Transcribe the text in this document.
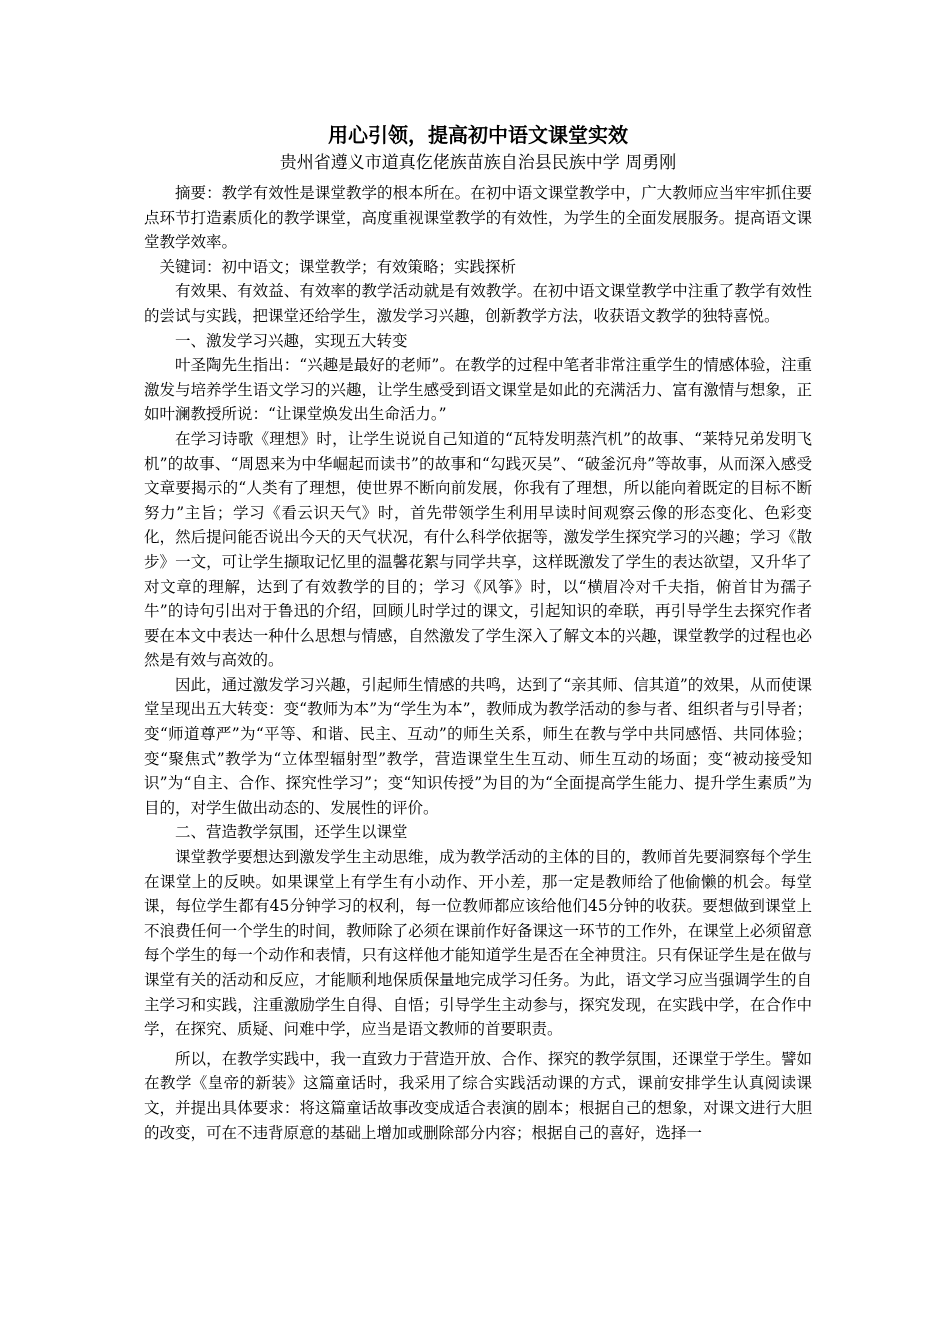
用心引领，提高初中语文课堂实效

贵州省遵义市道真仡佬族苗族自治县民族中学 周勇刚

摘要：教学有效性是课堂教学的根本所在。在初中语文课堂教学中，广大教师应当牢牢抓住要点环节打造素质化的教学课堂，高度重视课堂教学的有效性，为学生的全面发展服务。提高语文课堂教学效率。

关键词：初中语文；课堂教学；有效策略；实践探析

有效果、有效益、有效率的教学活动就是有效教学。在初中语文课堂教学中注重了教学有效性的尝试与实践，把课堂还给学生，激发学习兴趣，创新教学方法，收获语文教学的独特喜悦。

一、激发学习兴趣，实现五大转变

叶圣陶先生指出：“兴趣是最好的老师”。在教学的过程中笔者非常注重学生的情感体验，注重激发与培养学生语文学习的兴趣，让学生感受到语文课堂是如此的充满活力、富有激情与想象，正如叶澜教授所说：“让课堂焕发出生命活力。”

在学习诗歌《理想》时，让学生说说自己知道的“瓦特发明蒸汽机”的故事、“莱特兄弟发明飞机”的故事、“周恩来为中华崛起而读书”的故事和“勾践灭吴”、“破釜沉舟”等故事，从而深入感受文章要揭示的“人类有了理想，使世界不断向前发展，你我有了理想，所以能向着既定的目标不断努力”主旨；学习《看云识天气》时，首先带领学生利用早读时间观察云像的形态变化、色彩变化，然后提问能否说出今天的天气状况，有什么科学依据等，激发学生探究学习的兴趣；学习《散步》一文，可让学生撷取记忆里的温馨花絮与同学共享，这样既激发了学生的表达欲望，又升华了对文章的理解，达到了有效教学的目的；学习《风筝》时，以“横眉冷对千夫指，俯首甘为孺子牛”的诗句引出对于鲁迅的介绍，回顾儿时学过的课文，引起知识的牵联，再引导学生去探究作者要在本文中表达一种什么思想与情感，自然激发了学生深入了解文本的兴趣，课堂教学的过程也必然是有效与高效的。

因此，通过激发学习兴趣，引起师生情感的共鸣，达到了“亲其师、信其道”的效果，从而使课堂呈现出五大转变：变“教师为本”为“学生为本”，教师成为教学活动的参与者、组织者与引导者；变“师道尊严”为“平等、和谐、民主、互动”的师生关系，师生在教与学中共同感悟、共同体验；变“聚焦式”教学为“立体型辐射型”教学，营造课堂生生互动、师生互动的场面；变“被动接受知识”为“自主、合作、探究性学习”；变“知识传授”为目的为“全面提高学生能力、提升学生素质”为目的，对学生做出动态的、发展性的评价。

二、营造教学氛围，还学生以课堂

课堂教学要想达到激发学生主动思维，成为教学活动的主体的目的，教师首先要洞察每个学生在课堂上的反映。如果课堂上有学生有小动作、开小差，那一定是教师给了他偷懒的机会。每堂课，每位学生都有45分钟学习的权利，每一位教师都应该给他们45分钟的收获。要想做到课堂上不浪费任何一个学生的时间，教师除了必须在课前作好备课这一环节的工作外，在课堂上必须留意每个学生的每一个动作和表情，只有这样他才能知道学生是否在全神贯注。只有保证学生是在做与课堂有关的活动和反应，才能顺利地保质保量地完成学习任务。为此，语文学习应当强调学生的自主学习和实践，注重激励学生自得、自悟；引导学生主动参与，探究发现，在实践中学，在合作中学，在探究、质疑、问难中学，应当是语文教师的首要职责。

所以，在教学实践中，我一直致力于营造开放、合作、探究的教学氛围，还课堂于学生。譬如在教学《皇帝的新装》这篇童话时，我采用了综合实践活动课的方式，课前安排学生认真阅读课文，并提出具体要求：将这篇童话故事改变成适合表演的剧本；根据自己的想象，对课文进行大胆的改变，可在不违背原意的基础上增加或删除部分内容；根据自己的喜好，选择一
